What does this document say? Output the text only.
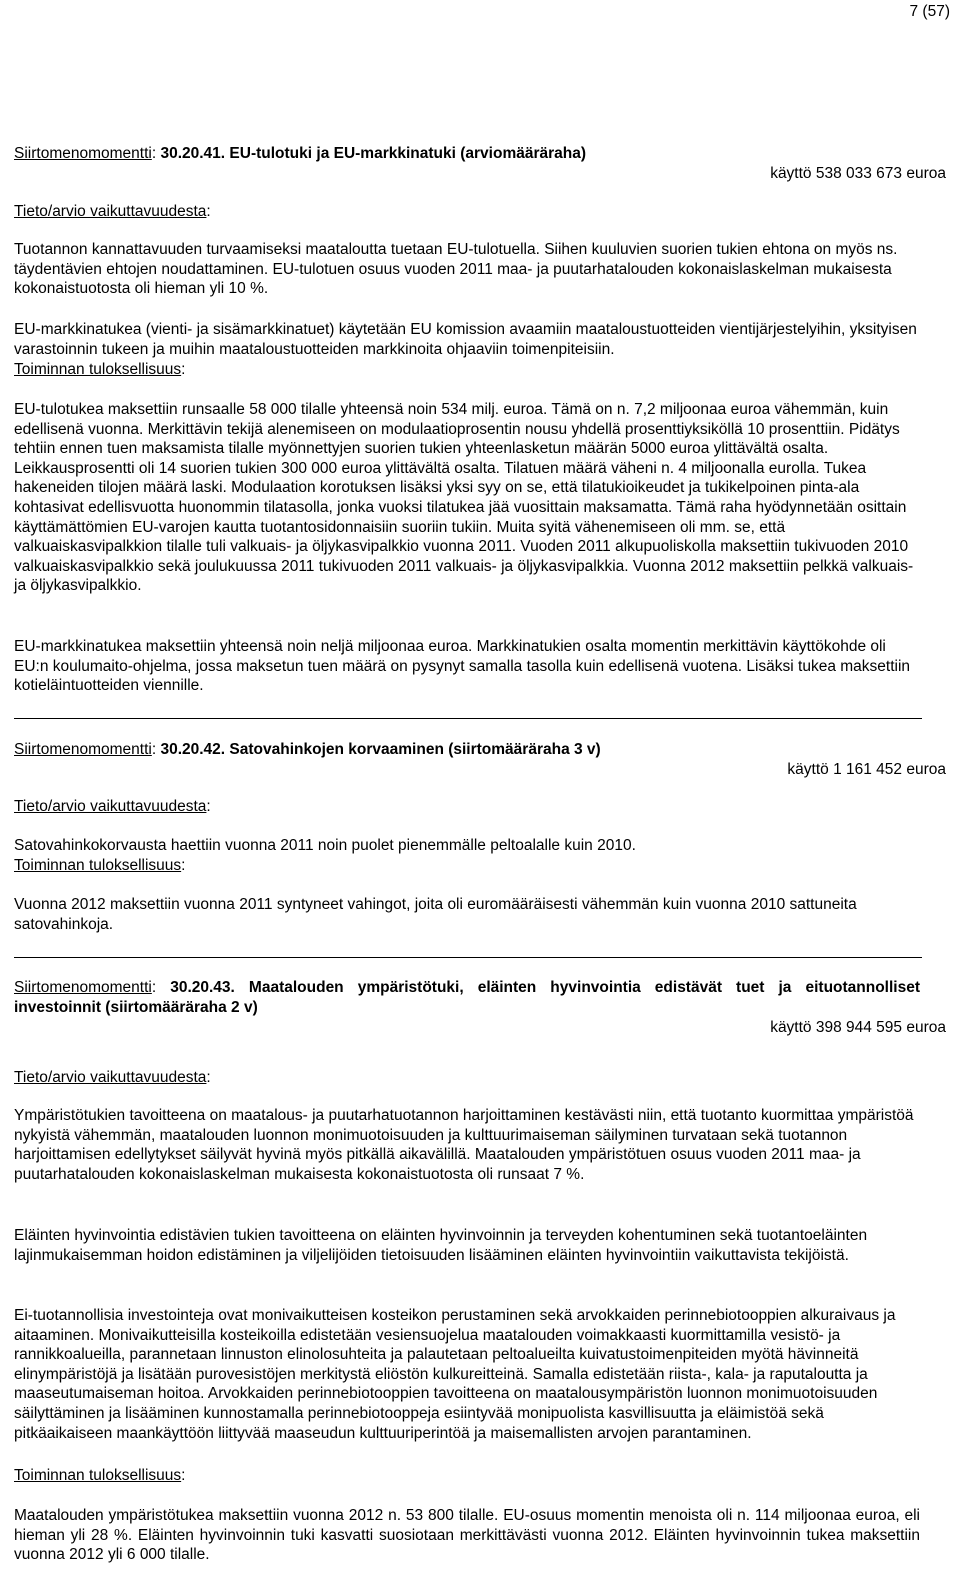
7 (57)
Siirtomenomomentti: 30.20.41. EU-tulotuki ja EU-markkinatuki (arviomääräraha)
käyttö 538 033 673 euroa
Tieto/arvio vaikuttavuudesta:
Tuotannon kannattavuuden turvaamiseksi maataloutta tuetaan EU-tulotuella. Siihen kuuluvien suorien tukien ehtona on myös ns. täydentävien ehtojen noudattaminen. EU-tulotuen osuus vuoden 2011 maa- ja puutarhatalouden kokonaislaskelman mukaisesta kokonaistuotosta oli hieman yli 10 %.
EU-markkinatukea (vienti- ja sisämarkkinatuet) käytetään EU komission avaamiin maataloustuotteiden vientijärjestelyihin, yksityisen varastoinnin tukeen ja muihin maataloustuotteiden markkinoita ohjaaviin toimenpiteisiin.
Toiminnan tuloksellisuus:
EU-tulotukea maksettiin runsaalle 58 000 tilalle yhteensä noin 534 milj. euroa. Tämä on n. 7,2 miljoonaa euroa vähemmän, kuin edellisenä vuonna. Merkittävin tekijä alenemiseen on modulaatioprosentin nousu yhdellä prosenttiyksiköllä 10 prosenttiin. Pidätys tehtiin ennen tuen maksamista tilalle myönnettyjen suorien tukien yhteenlasketun määrän 5000 euroa ylittävältä osalta. Leikkausprosentti oli 14 suorien tukien 300 000 euroa ylittävältä osalta. Tilatuen määrä väheni n. 4 miljoonalla eurolla. Tukea hakeneiden tilojen määrä laski. Modulaation korotuksen lisäksi yksi syy on se, että tilatukioikeudet ja tukikelpoinen pinta-ala kohtasivat edellisvuotta huonommin tilatasolla, jonka vuoksi tilatukea jää vuosittain maksamatta. Tämä raha hyödynnetään osittain käyttämättömien EU-varojen kautta tuotantosidonnaisiin suoriin tukiin. Muita syitä vähenemiseen oli mm. se, että valkuaiskasvipalkkion tilalle tuli valkuais- ja öljykasvipalkkio vuonna 2011. Vuoden 2011 alkupuoliskolla maksettiin tukivuoden 2010 valkuaiskasvipalkkio sekä joulukuussa 2011 tukivuoden 2011 valkuais- ja öljykasvipalkkia. Vuonna 2012 maksettiin pelkkä valkuais- ja öljykasvipalkkio.
EU-markkinatukea maksettiin yhteensä noin neljä miljoonaa euroa. Markkinatukien osalta momentin merkittävin käyttökohde oli EU:n koulumaito-ohjelma, jossa maksetun tuen määrä on pysynyt samalla tasolla kuin edellisenä vuotena. Lisäksi tukea maksettiin kotieläintuotteiden viennille.
Siirtomenomomentti: 30.20.42. Satovahinkojen korvaaminen (siirtomääräraha 3 v)
käyttö 1 161 452 euroa
Tieto/arvio vaikuttavuudesta:
Satovahinkokorvausta haettiin vuonna 2011 noin puolet pienemmälle peltoalalle kuin 2010.
Toiminnan tuloksellisuus:
Vuonna 2012 maksettiin vuonna 2011 syntyneet vahingot, joita oli euromääräisesti vähemmän kuin vuonna 2010 sattuneita satovahinkoja.
Siirtomenomomentti: 30.20.43. Maatalouden ympäristötuki, eläinten hyvinvointia edistävät tuet ja eituotannolliset investoinnit (siirtomääräraha 2 v)
käyttö 398 944 595 euroa
Tieto/arvio vaikuttavuudesta:
Ympäristötukien tavoitteena on maatalous- ja puutarhatuotannon harjoittaminen kestävästi niin, että tuotanto kuormittaa ympäristöä nykyistä vähemmän, maatalouden luonnon monimuotoisuuden ja kulttuurimaiseman säilyminen turvataan sekä tuotannon harjoittamisen edellytykset säilyvät hyvinä myös pitkällä aikavälillä. Maatalouden ympäristötuen osuus vuoden 2011 maa- ja puutarhatalouden kokonaislaskelman mukaisesta kokonaistuotosta oli runsaat 7 %.
Eläinten hyvinvointia edistävien tukien tavoitteena on eläinten hyvinvoinnin ja terveyden kohentuminen sekä tuotantoeläinten lajinmukaisemman hoidon edistäminen ja viljelijöiden tietoisuuden lisääminen eläinten hyvinvointiin vaikuttavista tekijöistä.
Ei-tuotannollisia investointeja ovat monivaikutteisen kosteikon perustaminen sekä arvokkaiden perinnebiotooppien alkuraivaus ja aitaaminen. Monivaikutteisilla kosteikoilla edistetään vesiensuojelua maatalouden voimakkaasti kuormittamilla vesistö- ja rannikkoalueilla, parannetaan linnuston elinolosuhteita ja palautetaan peltoalueilta kuivatustoimenpiteiden myötä hävinneitä elinympäristöjä ja lisätään purovesistöjen merkitystä eliöstön kulkureitteinä. Samalla edistetään riista-, kala- ja raputaloutta ja maaseutumaiseman hoitoa. Arvokkaiden perinnebiotooppien tavoitteena on maatalousympäristön luonnon monimuotoisuuden säilyttäminen ja lisääminen kunnostamalla perinnebiotooppeja esiintyvää monipuolista kasvillisuutta ja eläimistöä sekä pitkäaikaiseen maankäyttöön liittyvää maaseudun kulttuuriperintöä ja maisemallisten arvojen parantaminen.
Toiminnan tuloksellisuus:
Maatalouden ympäristötukea maksettiin vuonna 2012 n. 53 800 tilalle. EU-osuus momentin menoista oli n. 114 miljoonaa euroa, eli hieman yli 28 %. Eläinten hyvinvoinnin tuki kasvatti suosiotaan merkittävästi vuonna 2012. Eläinten hyvinvoinnin tukea maksettiin vuonna 2012 yli 6 000 tilalle.
